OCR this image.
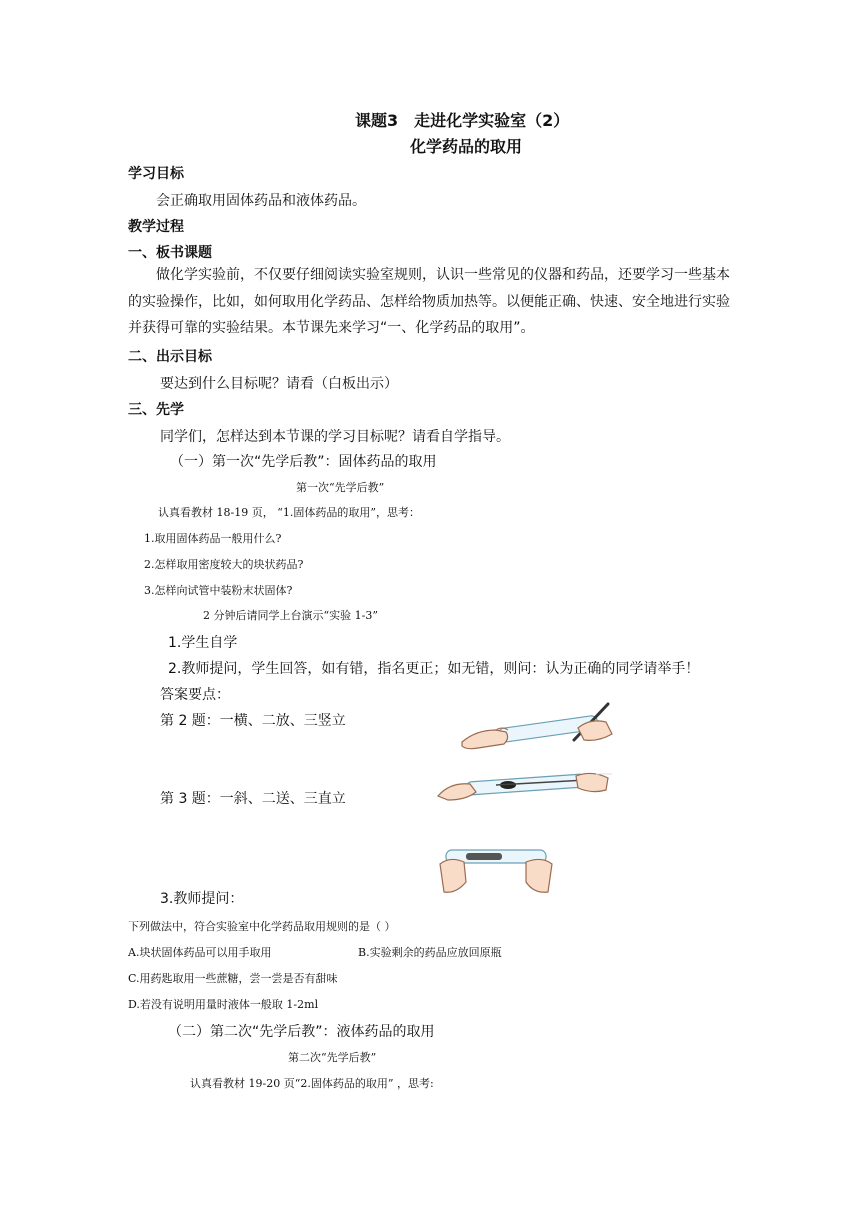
课题3　走进化学实验室（2）
化学药品的取用
学习目标
会正确取用固体药品和液体药品。
教学过程
一、板书课题
做化学实验前，不仅要仔细阅读实验室规则，认识一些常见的仪器和药品，还要学习一些基本的实验操作，比如，如何取用化学药品、怎样给物质加热等。以便能正确、快速、安全地进行实验并获得可靠的实验结果。本节课先来学习“一、化学药品的取用”。
二、出示目标
要达到什么目标呢？请看（白板出示）
三、先学
同学们，怎样达到本节课的学习目标呢？请看自学指导。
（一）第一次“先学后教”：固体药品的取用
第一次“先学后教”
认真看教材 18-19 页， “1.固体药品的取用”，思考：
1.取用固体药品一般用什么?
2.怎样取用密度较大的块状药品?
3.怎样向试管中装粉末状固体?
2 分钟后请同学上台演示“实验 1-3”
1.学生自学
2.教师提问，学生回答，如有错，指名更正；如无错，则问：认为正确的同学请举手！
答案要点：
第 2 题：一横、二放、三竖立
第 3 题：一斜、二送、三直立
3.教师提问：
下列做法中，符合实验室中化学药品取用规则的是（ ）
A.块状固体药品可以用手取用	B.实验剩余的药品应放回原瓶
C.用药匙取用一些蔗糖，尝一尝是否有甜味
D.若没有说明用量时液体一般取 1-2ml
（二）第二次“先学后教”：液体药品的取用
第二次“先学后教”
认真看教材 19-20 页“2.固体药品的取用” ，思考:
